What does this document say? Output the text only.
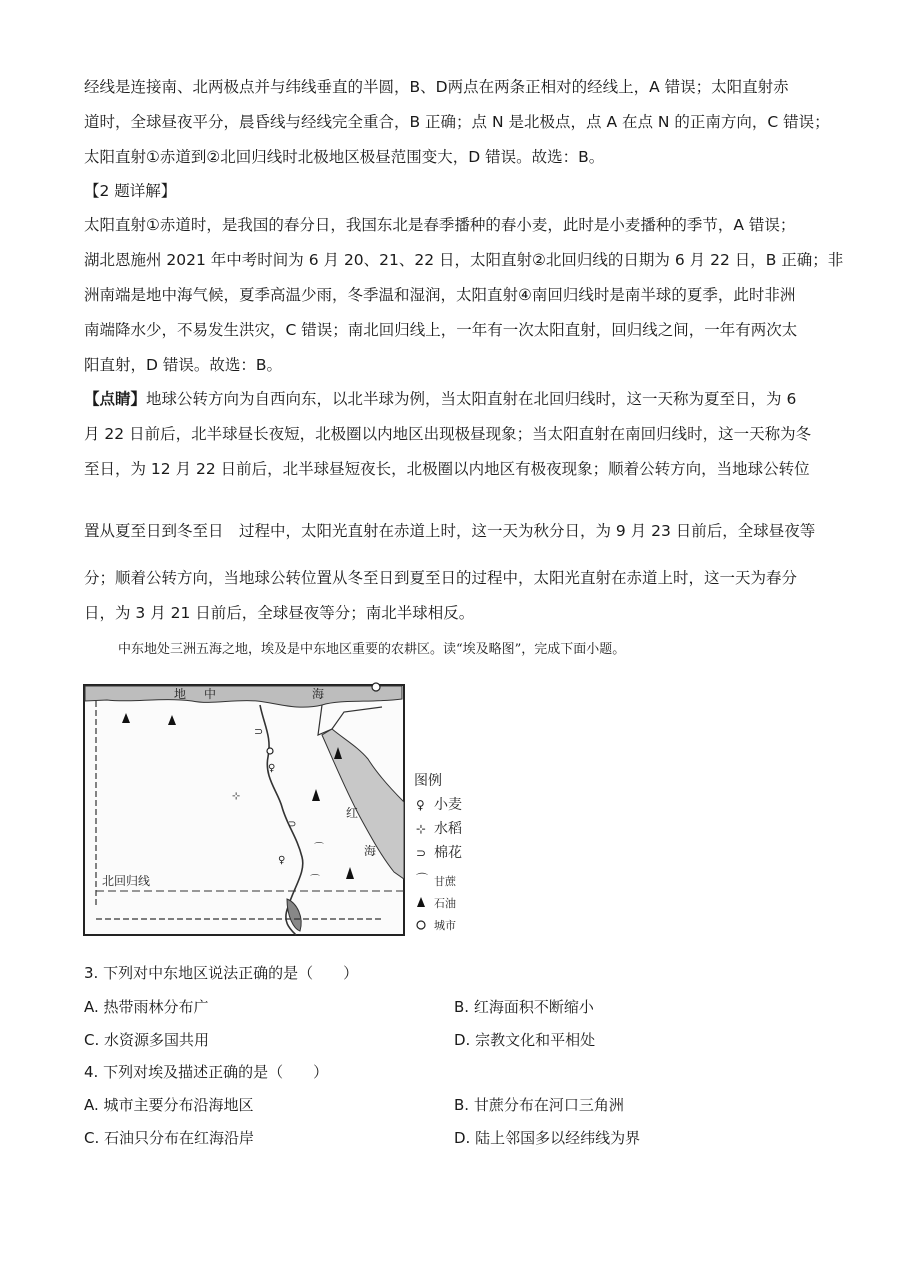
经线是连接南、北两极点并与纬线垂直的半圆，B、D两点在两条正相对的经线上，A 错误；太阳直射赤
道时，全球昼夜平分，晨昏线与经线完全重合，B 正确；点 N 是北极点，点 A 在点 N 的正南方向，C 错误；
太阳直射①赤道到②北回归线时北极地区极昼范围变大，D 错误。故选：B。
【2 题详解】
太阳直射①赤道时，是我国的春分日，我国东北是春季播种的春小麦，此时是小麦播种的季节，A 错误；
湖北恩施州 2021 年中考时间为 6 月 20、21、22 日，太阳直射②北回归线的日期为 6 月 22 日，B 正确；非
洲南端是地中海气候，夏季高温少雨，冬季温和湿润，太阳直射④南回归线时是南半球的夏季，此时非洲
南端降水少，不易发生洪灾，C 错误；南北回归线上，一年有一次太阳直射，回归线之间，一年有两次太
阳直射，D 错误。故选：B。
【点睛】地球公转方向为自西向东，以北半球为例，当太阳直射在北回归线时，这一天称为夏至日，为 6
月 22 日前后，北半球昼长夜短，北极圈以内地区出现极昼现象；当太阳直射在南回归线时，这一天称为冬
至日，为 12 月 22 日前后，北半球昼短夜长，北极圈以内地区有极夜现象；顺着公转方向，当地球公转位
置从夏至日到冬至日　过程中，太阳光直射在赤道上时，这一天为秋分日，为 9 月 23 日前后，全球昼夜等
分；顺着公转方向，当地球公转位置从冬至日到夏至日的过程中，太阳光直射在赤道上时，这一天为春分
日，为 3 月 21 日前后，全球昼夜等分；南北半球相反。
中东地处三洲五海之地，埃及是中东地区重要的农耕区。读“埃及略图”，完成下面小题。
地 中	海
红
海
北回归线
⊃
♀
⊹
⊃
⌒
♀
⌒
图例
♀ 小麦
⊹ 水稻
⊃ 棉花
⌒ 甘蔗
石油
城市
3. 下列对中东地区说法正确的是（　　）
A. 热带雨林分布广	B. 红海面积不断缩小
C. 水资源多国共用	D. 宗教文化和平相处
4. 下列对埃及描述正确的是（　　）
A. 城市主要分布沿海地区	B. 甘蔗分布在河口三角洲
C. 石油只分布在红海沿岸	D. 陆上邻国多以经纬线为界
